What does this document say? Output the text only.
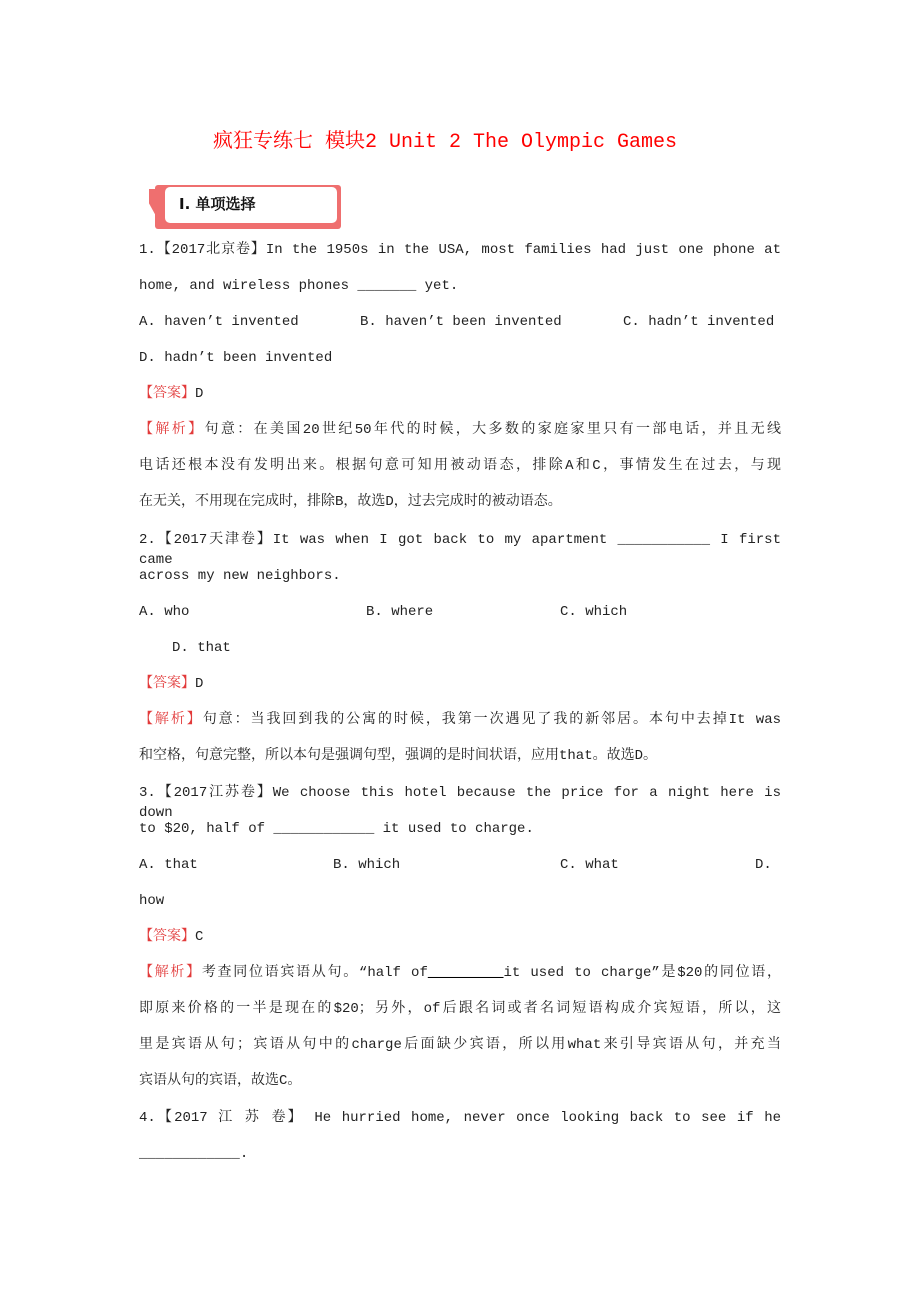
疯狂专练七 模块2 Unit 2 The Olympic Games
Ⅰ. 单项选择
1.【2017北京卷】In the 1950s in the USA, most families had just one phone at
home, and wireless phones _______ yet.
A. haven’t invented	B. haven’t been invented	C. hadn’t invented
D. hadn’t been invented
【答案】D
【解析】句意：在美国20世纪50年代的时候，大多数的家庭家里只有一部电话，并且无线
电话还根本没有发明出来。根据句意可知用被动语态，排除A和C，事情发生在过去，与现
在无关，不用现在完成时，排除B，故选D，过去完成时的被动语态。
2.【2017天津卷】It was when I got back to my apartment ___________ I first came
across my new neighbors.
A. who	B. where	C. which
D. that
【答案】D
【解析】句意：当我回到我的公寓的时候，我第一次遇见了我的新邻居。本句中去掉It was
和空格，句意完整，所以本句是强调句型，强调的是时间状语，应用that。故选D。
3.【2017江苏卷】We choose this hotel because the price for a night here is down
to $20, half of ____________ it used to charge.
A. that	B. which	C. what	D.
how
【答案】C
【解析】考查同位语宾语从句。“half of_________it used to charge”是$20的同位语，
即原来价格的一半是现在的$20；另外，of后跟名词或者名词短语构成介宾短语，所以，这
里是宾语从句；宾语从句中的charge后面缺少宾语，所以用what来引导宾语从句，并充当
宾语从句的宾语，故选C。
4.【2017 江 苏 卷】 He hurried home, never once looking back to see if he
____________.
